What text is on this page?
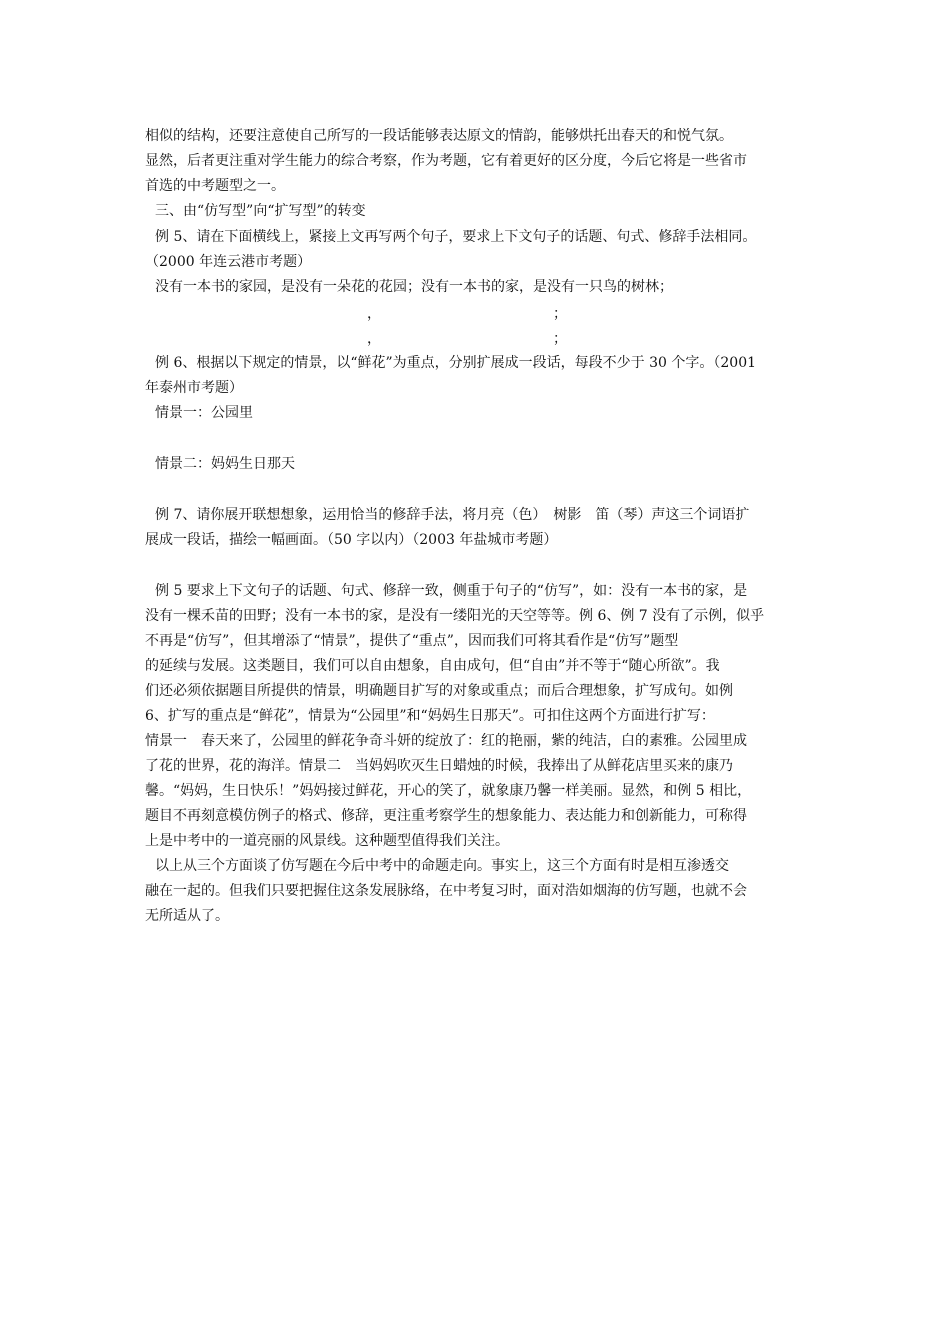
相似的结构，还要注意使自己所写的一段话能够表达原文的情韵，能够烘托出春天的和悦气氛。
显然，后者更注重对学生能力的综合考察，作为考题，它有着更好的区分度，今后它将是一些省市
首选的中考题型之一。
三、由“仿写型”向“扩写型”的转变
例 5、请在下面横线上，紧接上文再写两个句子，要求上下文句子的话题、句式、修辞手法相同。
（2000 年连云港市考题）
没有一本书的家园，是没有一朵花的花园；没有一本书的家，是没有一只鸟的树林；
，	；
，	；
例 6、根据以下规定的情景，以“鲜花”为重点，分别扩展成一段话，每段不少于 30 个字。（2001
年泰州市考题）
情景一：公园里
情景二：妈妈生日那天
例 7、请你展开联想想象，运用恰当的修辞手法，将月亮（色）　树影　笛（琴）声这三个词语扩
展成一段话，描绘一幅画面。（50 字以内）（2003 年盐城市考题）
例 5 要求上下文句子的话题、句式、修辞一致，侧重于句子的“仿写”，如：没有一本书的家，是
没有一棵禾苗的田野；没有一本书的家，是没有一缕阳光的天空等等。例 6、例 7 没有了示例，似乎
不再是“仿写”，但其增添了“情景”，提供了“重点”，因而我们可将其看作是“仿写”题型
的延续与发展。这类题目，我们可以自由想象，自由成句，但“自由”并不等于“随心所欲”。我
们还必须依据题目所提供的情景，明确题目扩写的对象或重点；而后合理想象，扩写成句。如例
6、扩写的重点是“鲜花”，情景为“公园里”和“妈妈生日那天”。可扣住这两个方面进行扩写：
情景一　春天来了，公园里的鲜花争奇斗妍的绽放了：红的艳丽，紫的纯洁，白的素雅。公园里成
了花的世界，花的海洋。情景二　当妈妈吹灭生日蜡烛的时候，我捧出了从鲜花店里买来的康乃
馨。“妈妈，生日快乐！”妈妈接过鲜花，开心的笑了，就象康乃馨一样美丽。显然，和例 5 相比，
题目不再刻意模仿例子的格式、修辞，更注重考察学生的想象能力、表达能力和创新能力，可称得
上是中考中的一道亮丽的风景线。这种题型值得我们关注。
以上从三个方面谈了仿写题在今后中考中的命题走向。事实上，这三个方面有时是相互渗透交
融在一起的。但我们只要把握住这条发展脉络，在中考复习时，面对浩如烟海的仿写题，也就不会
无所适从了。
